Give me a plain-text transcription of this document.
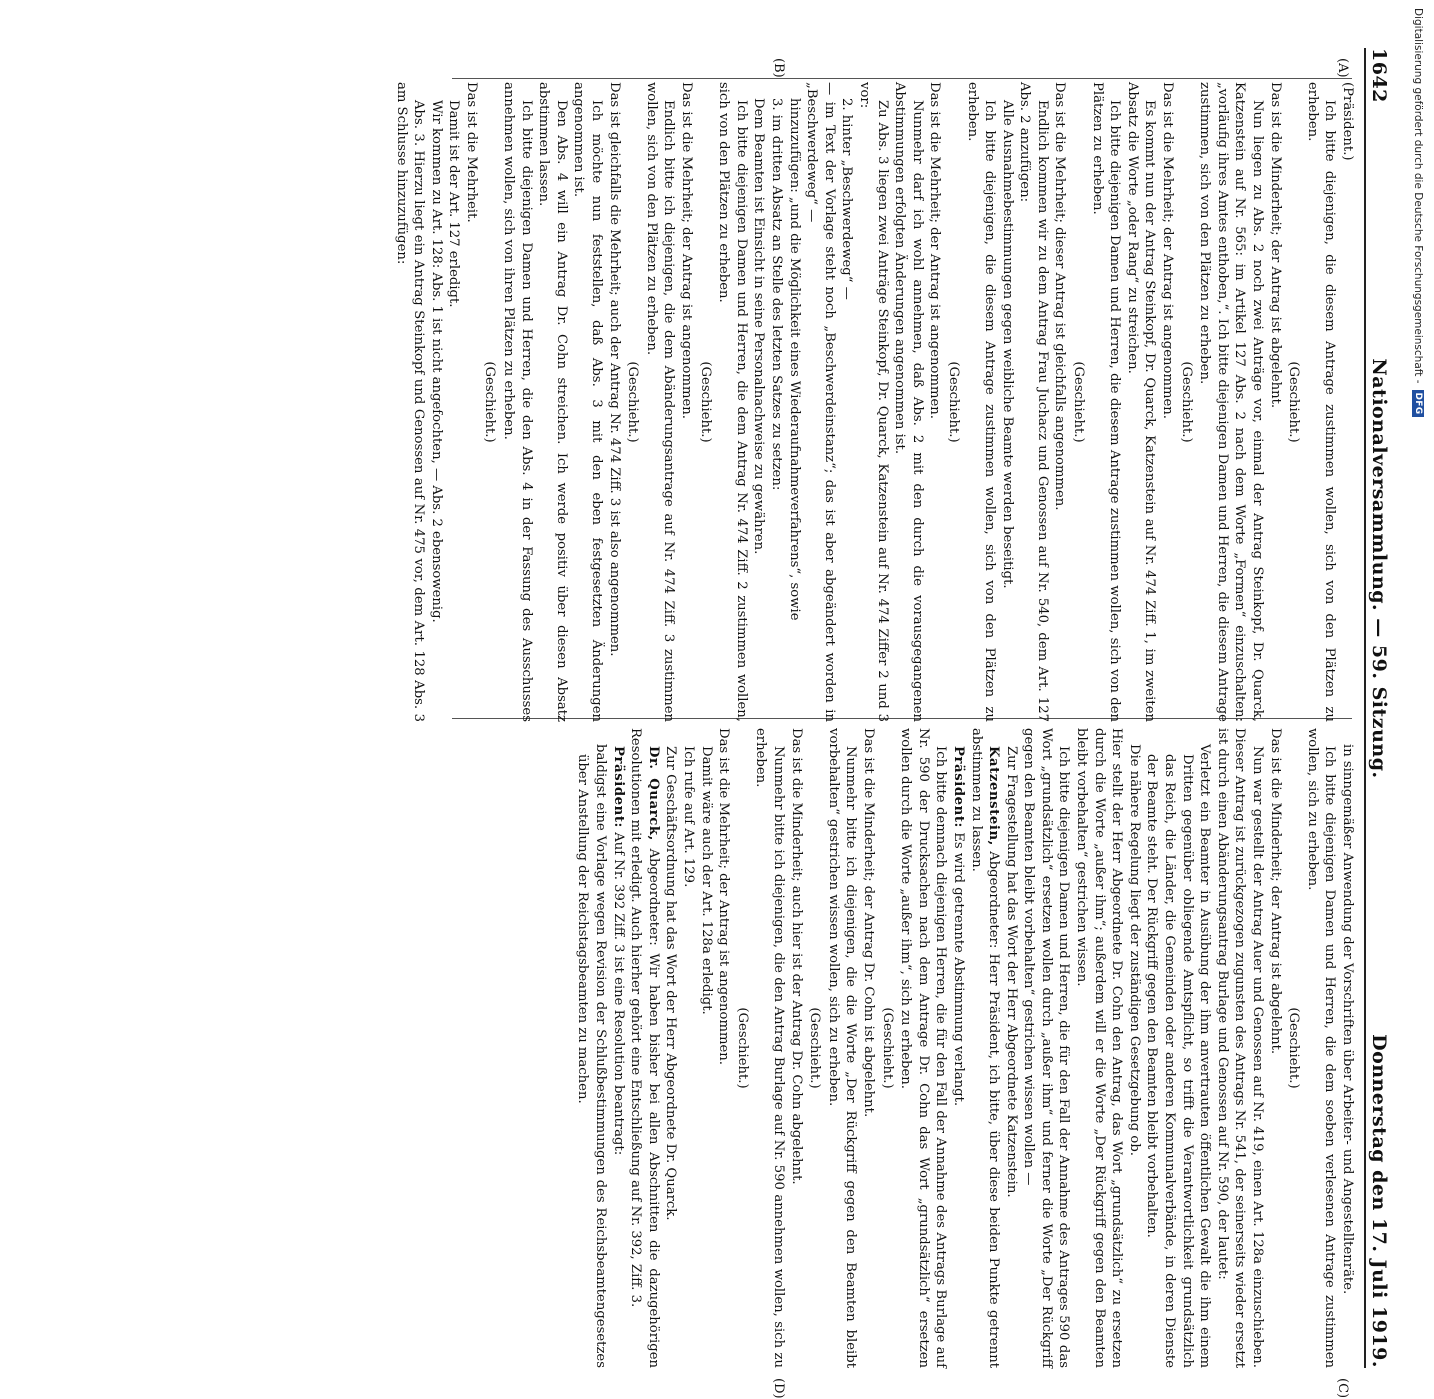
1642
Nationalversammlung. — 59. Sitzung.
Donnerstag den 17. Juli 1919.
(A)
(B)
(C)
(D)

(Präsident.)

Ich bitte diejenigen, die diesem Antrage zustimmen wollen, sich von den Plätzen zu erheben.

(Geschieht.)

Das ist die Minderheit; der Antrag ist abgelehnt.

Nun liegen zu Abs. 2 noch zwei Anträge vor, einmal der Antrag Steinkopf, Dr. Quarck, Katzenstein auf Nr. 565: im Artikel 127 Abs. 2 nach dem Worte „Formen“ einzuschalten: „vorläufig ihres Amtes enthoben,“. Ich bitte diejenigen Damen und Herren, die diesem Antrage zustimmen, sich von den Plätzen zu erheben.

(Geschieht.)

Das ist die Mehrheit; der Antrag ist angenommen.

Es kommt nun der Antrag Steinkopf, Dr. Quarck, Katzenstein auf Nr. 474 Ziff. 1, im zweiten Absatz die Worte „oder Rang“ zu streichen.

Ich bitte diejenigen Damen und Herren, die diesem Antrage zustimmen wollen, sich von den Plätzen zu erheben.

(Geschieht.)

Das ist die Mehrheit; dieser Antrag ist gleichfalls angenommen.

Endlich kommen wir zu dem Antrag Frau Juchacz und Genossen auf Nr. 540, dem Art. 127 Abs. 2 anzufügen:

Alle Ausnahmebestimmungen gegen weibliche Beamte werden beseitigt.

Ich bitte diejenigen, die diesem Antrage zustimmen wollen, sich von den Plätzen zu erheben.

(Geschieht.)

Das ist die Mehrheit; der Antrag ist angenommen.

Nunmehr darf ich wohl annehmen, daß Abs. 2 mit den durch die vorausgegangenen Abstimmungen erfolgten Änderungen angenommen ist.

Zu Abs. 3 liegen zwei Anträge Steinkopf, Dr. Quarck, Katzenstein auf Nr. 474 Ziffer 2 und 3 vor:

2. hinter „Beschwerdeweg“ —

— im Text der Vorlage steht noch „Beschwerdeinstanz“; das ist aber abgeändert worden in „Beschwerdeweg“ —

hinzuzufügen: „und die Möglichkeit eines Wiederaufnahmeverfahrens“, sowie

3. im dritten Absatz an Stelle des letzten Satzes zu setzen:

Dem Beamten ist Einsicht in seine Personalnachweise zu gewähren.

Ich bitte diejenigen Damen und Herren, die dem Antrag Nr. 474 Ziff. 2 zustimmen wollen, sich von den Plätzen zu erheben.

(Geschieht.)

Das ist die Mehrheit; der Antrag ist angenommen.

Endlich bitte ich diejenigen, die dem Abänderungsantrage auf Nr. 474 Ziff. 3 zustimmen wollen, sich von den Plätzen zu erheben.

(Geschieht.)

Das ist gleichfalls die Mehrheit; auch der Antrag Nr. 474 Ziff. 3 ist also angenommen.

Ich möchte nun feststellen, daß Abs. 3 mit den eben festgesetzten Änderungen angenommen ist.

Den Abs. 4 will ein Antrag Dr. Cohn streichen. Ich werde positiv über diesen Absatz abstimmen lassen.

Ich bitte diejenigen Damen und Herren, die den Abs. 4 in der Fassung des Ausschusses annehmen wollen, sich von ihren Plätzen zu erheben.

(Geschieht.)

Das ist die Mehrheit.

Damit ist der Art. 127 erledigt.

Wir kommen zu Art. 128: Abs. 1 ist nicht angefochten, — Abs. 2 ebensowenig.

Abs. 3. Hierzu liegt ein Antrag Steinkopf und Genossen auf Nr. 475 vor, dem Art. 128 Abs. 3 am Schlusse hinzuzufügen:

in sinngemäßer Anwendung der Vorschriften über Arbeiter- und Angestelltenräte.

Ich bitte diejenigen Damen und Herren, die dem soeben verlesenen Antrage zustimmen wollen, sich zu erheben.

(Geschieht.)

Das ist die Minderheit; der Antrag ist abgelehnt.

Nun war gestellt der Antrag Auer und Genossen auf Nr. 419, einen Art. 128a einzuschieben. Dieser Antrag ist zurückgezogen zugunsten des Antrags Nr. 541, der seinerseits wieder ersetzt ist durch einen Abänderungsantrag Burlage und Genossen auf Nr. 590, der lautet:

Verletzt ein Beamter in Ausübung der ihm anvertrauten öffentlichen Gewalt die ihm einem Dritten gegenüber obliegende Amtspflicht, so trifft die Verantwortlichkeit grundsätzlich das Reich, die Länder, die Gemeinden oder anderen Kommunalverbände, in deren Dienste der Beamte steht. Der Rückgriff gegen den Beamten bleibt vorbehalten.

Die nähere Regelung liegt der zuständigen Gesetzgebung ob.

Hier stellt der Herr Abgeordnete Dr. Cohn den Antrag, das Wort „grundsätzlich“ zu ersetzen durch die Worte „außer ihm“; außerdem will er die Worte „Der Rückgriff gegen den Beamten bleibt vorbehalten“ gestrichen wissen.

Ich bitte diejenigen Damen und Herren, die für den Fall der Annahme des Antrages 590 das Wort „grundsätzlich“ ersetzen wollen durch „außer ihm“ und ferner die Worte „Der Rückgriff gegen den Beamten bleibt vorbehalten“ gestrichen wissen wollen —

Zur Fragestellung hat das Wort der Herr Abgeordnete Katzenstein.

Katzenstein, Abgeordneter: Herr Präsident, ich bitte, über diese beiden Punkte getrennt abstimmen zu lassen.

Präsident: Es wird getrennte Abstimmung verlangt.

Ich bitte demnach diejenigen Herren, die für den Fall der Annahme des Antrags Burlage auf Nr. 590 der Drucksachen nach dem Antrage Dr. Cohn das Wort „grundsätzlich“ ersetzen wollen durch die Worte „außer ihm“, sich zu erheben.

(Geschieht.)

Das ist die Minderheit; der Antrag Dr. Cohn ist abgelehnt.

Nunmehr bitte ich diejenigen, die die Worte „Der Rückgriff gegen den Beamten bleibt vorbehalten“ gestrichen wissen wollen, sich zu erheben.

(Geschieht.)

Das ist die Minderheit; auch hier ist der Antrag Dr. Cohn abgelehnt.

Nunmehr bitte ich diejenigen, die den Antrag Burlage auf Nr. 590 annehmen wollen, sich zu erheben.

(Geschieht.)

Das ist die Mehrheit; der Antrag ist angenommen.

Damit wäre auch der Art. 128a erledigt.

Ich rufe auf Art. 129.

Zur Geschäftsordnung hat das Wort der Herr Abgeordnete Dr. Quarck.

Dr. Quarck, Abgeordneter: Wir haben bisher bei allen Abschnitten die dazugehörigen Resolutionen mit erledigt. Auch hierher gehört eine Entschließung auf Nr. 392, Ziff. 3.

Präsident: Auf Nr. 392 Ziff. 3 ist eine Resolution beantragt:

baldigst eine Vorlage wegen Revision der Schlußbestimmungen des Reichsbeamtengesetzes über Anstellung der Reichstagsbeamten zu machen.

Digitalisierung gefördert durch die Deutsche Forschungsgemeinschaft -
DFG
